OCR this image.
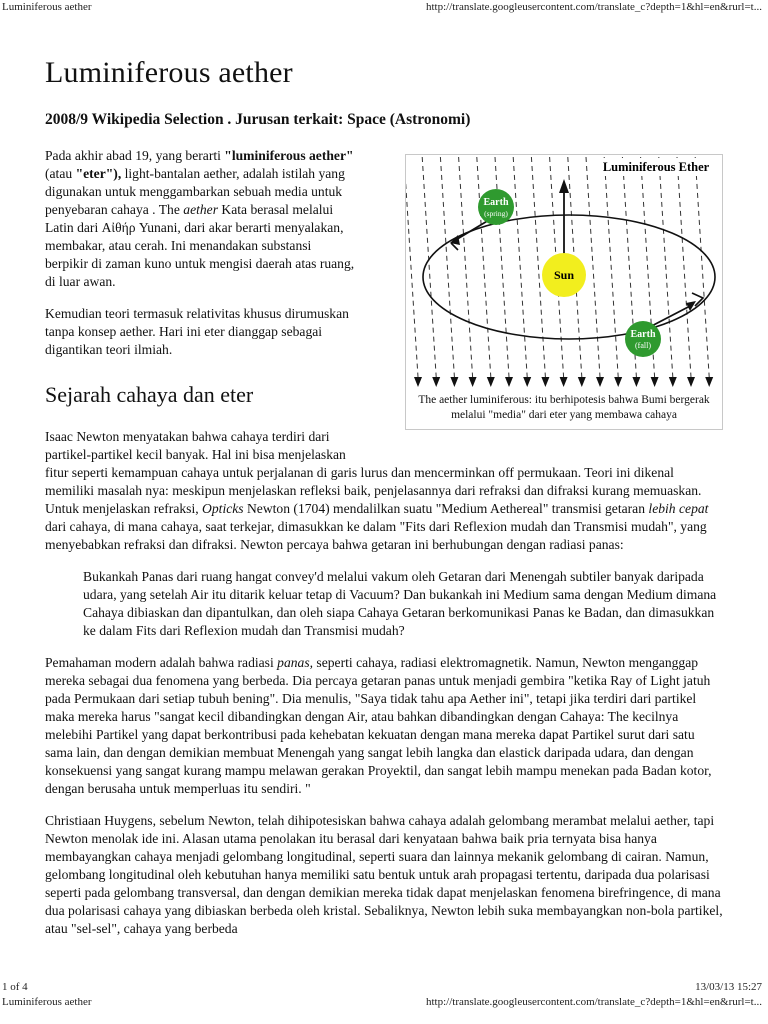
Luminiferous aether	http://translate.googleusercontent.com/translate_c?depth=1&hl=en&rurl=t...
Luminiferous aether
2008/9 Wikipedia Selection . Jurusan terkait: Space (Astronomi)

Pada akhir abad 19, yang berarti "luminiferous aether" (atau "eter"), light-bantalan aether, adalah istilah yang digunakan untuk menggambarkan sebuah media untuk penyebaran cahaya . The aether Kata berasal melalui Latin dari Αἰθήρ Yunani, dari akar berarti menyalakan, membakar, atau cerah. Ini menandakan substansi berpikir di zaman kuno untuk mengisi daerah atas ruang, di luar awan.

Kemudian teori termasuk relativitas khusus dirumuskan tanpa konsep aether. Hari ini eter dianggap sebagai digantikan teori ilmiah.

Sun
Earth
(spring)
Earth
(fall)
Luminiferous Ether
The aether luminiferous: itu berhipotesis bahwa Bumi bergerak melalui "media" dari eter yang membawa cahaya
Sejarah cahaya dan eter

Isaac Newton menyatakan bahwa cahaya terdiri dari partikel-partikel kecil banyak. Hal ini bisa menjelaskan

fitur seperti kemampuan cahaya untuk perjalanan di garis lurus dan mencerminkan off permukaan. Teori ini dikenal memiliki masalah nya: meskipun menjelaskan refleksi baik, penjelasannya dari refraksi dan difraksi kurang memuaskan. Untuk menjelaskan refraksi, Opticks Newton (1704) mendalilkan suatu "Medium Aethereal" transmisi getaran lebih cepat dari cahaya, di mana cahaya, saat terkejar, dimasukkan ke dalam "Fits dari Reflexion mudah dan Transmisi mudah", yang menyebabkan refraksi dan difraksi. Newton percaya bahwa getaran ini berhubungan dengan radiasi panas:

Bukankah Panas dari ruang hangat convey'd melalui vakum oleh Getaran dari Menengah subtiler banyak daripada udara, yang setelah Air itu ditarik keluar tetap di Vacuum? Dan bukankah ini Medium sama dengan Medium dimana Cahaya dibiaskan dan dipantulkan, dan oleh siapa Cahaya Getaran berkomunikasi Panas ke Badan, dan dimasukkan ke dalam Fits dari Reflexion mudah dan Transmisi mudah?

Pemahaman modern adalah bahwa radiasi panas, seperti cahaya, radiasi elektromagnetik. Namun, Newton menganggap mereka sebagai dua fenomena yang berbeda. Dia percaya getaran panas untuk menjadi gembira "ketika Ray of Light jatuh pada Permukaan dari setiap tubuh bening". Dia menulis, "Saya tidak tahu apa Aether ini", tetapi jika terdiri dari partikel maka mereka harus "sangat kecil dibandingkan dengan Air, atau bahkan dibandingkan dengan Cahaya: The kecilnya melebihi Partikel yang dapat berkontribusi pada kehebatan kekuatan dengan mana mereka dapat Partikel surut dari satu sama lain, dan dengan demikian membuat Menengah yang sangat lebih langka dan elastick daripada udara, dan dengan konsekuensi yang sangat kurang mampu melawan gerakan Proyektil, dan sangat lebih mampu menekan pada Badan kotor, dengan berusaha untuk memperluas itu sendiri. "

Christiaan Huygens, sebelum Newton, telah dihipotesiskan bahwa cahaya adalah gelombang merambat melalui aether, tapi Newton menolak ide ini. Alasan utama penolakan itu berasal dari kenyataan bahwa baik pria ternyata bisa hanya membayangkan cahaya menjadi gelombang longitudinal, seperti suara dan lainnya mekanik gelombang di cairan. Namun, gelombang longitudinal oleh kebutuhan hanya memiliki satu bentuk untuk arah propagasi tertentu, daripada dua polarisasi seperti pada gelombang transversal, dan dengan demikian mereka tidak dapat menjelaskan fenomena birefringence, di mana dua polarisasi cahaya yang dibiaskan berbeda oleh kristal. Sebaliknya, Newton lebih suka membayangkan non-bola partikel, atau "sel-sel", cahaya yang berbeda

1 of 4	13/03/13 15:27
Luminiferous aether	http://translate.googleusercontent.com/translate_c?depth=1&hl=en&rurl=t...
